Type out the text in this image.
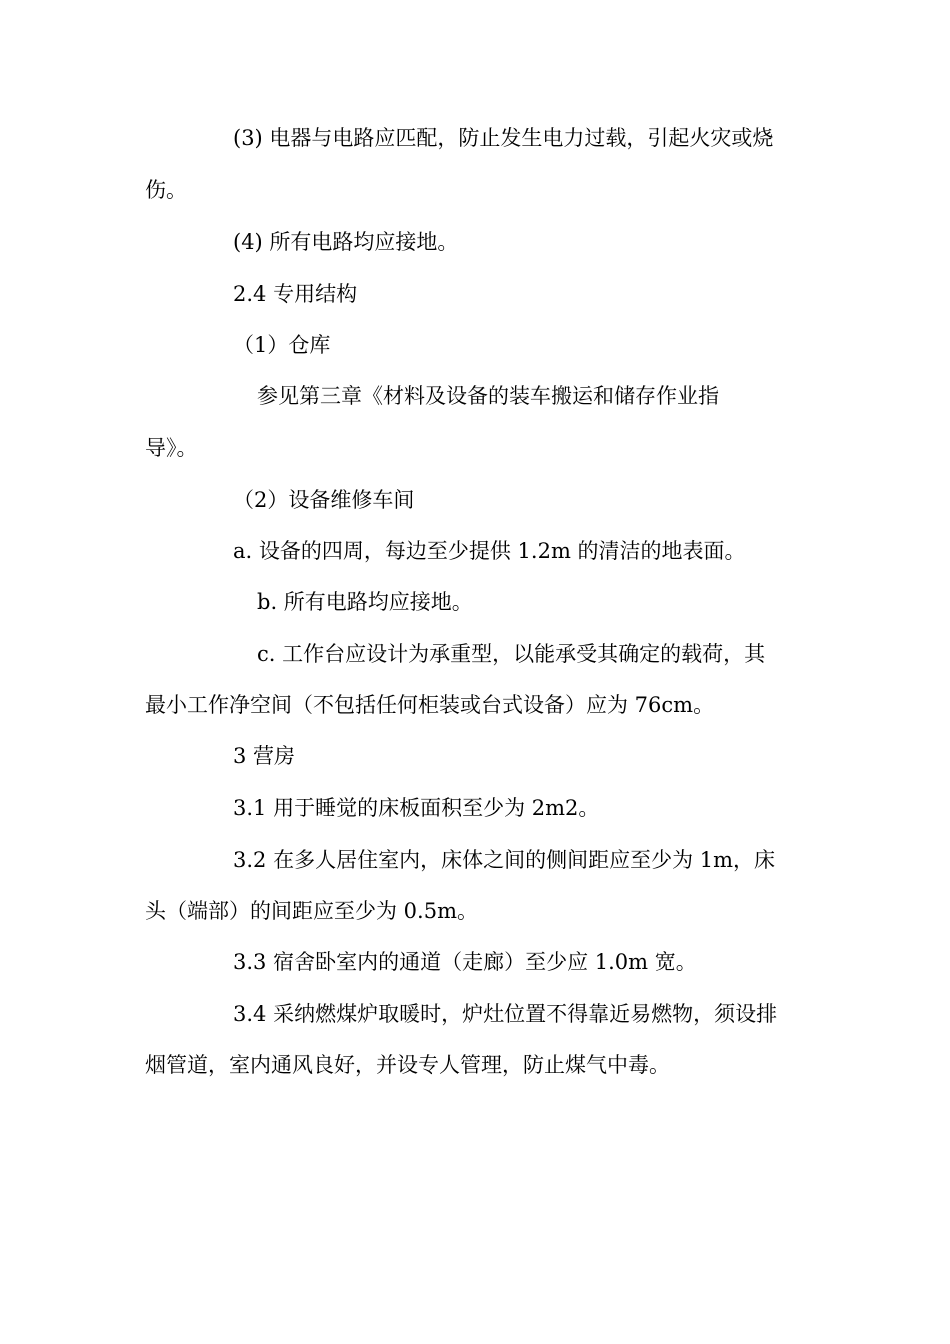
(3) 电器与电路应匹配，防止发生电力过载，引起火灾或烧
伤。
(4) 所有电路均应接地。
2.4 专用结构
（1）仓库
参见第三章《材料及设备的装车搬运和储存作业指
导》。
（2）设备维修车间
a. 设备的四周，每边至少提供 1.2m 的清洁的地表面。
b. 所有电路均应接地。
c. 工作台应设计为承重型，以能承受其确定的载荷，其
最小工作净空间（不包括任何柜装或台式设备）应为 76cm。
3 营房
3.1 用于睡觉的床板面积至少为 2m2。
3.2 在多人居住室内，床体之间的侧间距应至少为 1m，床
头（端部）的间距应至少为 0.5m。
3.3 宿舍卧室内的通道（走廊）至少应 1.0m 宽。
3.4 采纳燃煤炉取暖时，炉灶位置不得靠近易燃物，须设排
烟管道，室内通风良好，并设专人管理，防止煤气中毒。
